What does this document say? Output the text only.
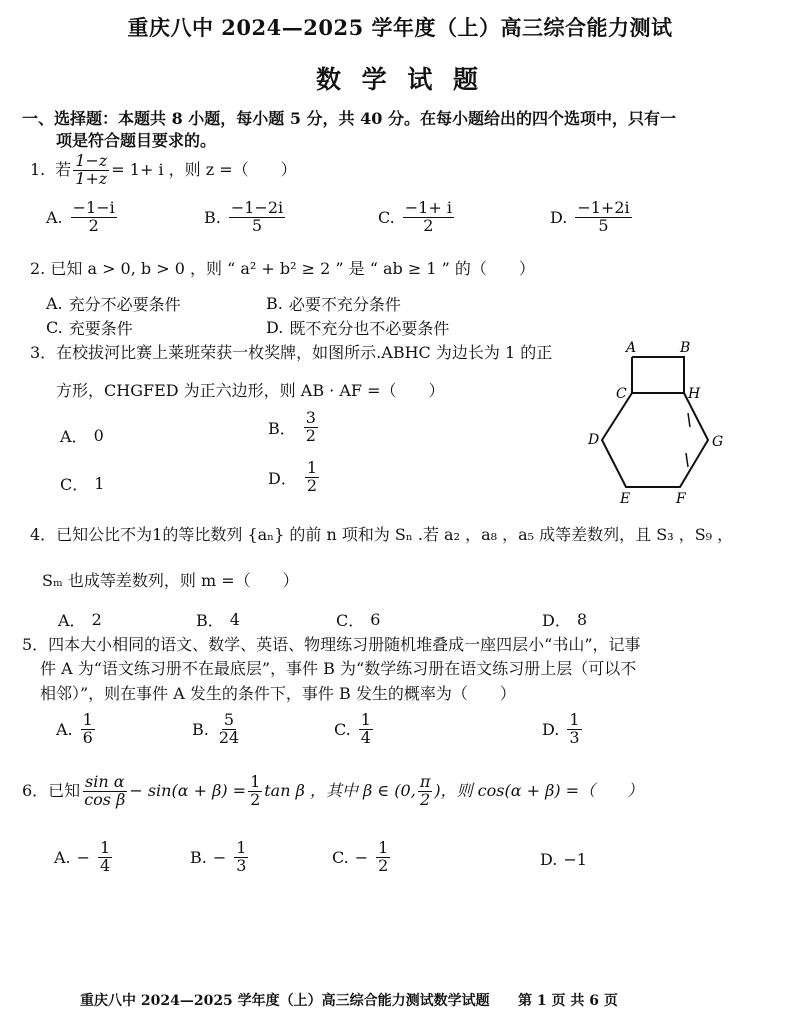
重庆八中 2024—2025 学年度（上）高三综合能力测试
数 学 试 题
一、选择题：本题共 8 小题，每小题 5 分，共 40 分。在每小题给出的四个选项中，只有一
项是符合题目要求的。
1. 若 $\frac{1-z}{1+z} = 1+ i$ ，则 z =（　　）
A. $\frac{-1-i}{2}$	B. $\frac{-1-2i}{5}$	C. $\frac{-1+ i}{2}$	D. $\frac{-1+2i}{5}$
2. 已知 a > 0, b > 0 ，则 “ a² + b² ≥ 2 ” 是 “ ab ≥ 1 ” 的（　　）
A. 充分不必要条件	B. 必要不充分条件
C. 充要条件	D. 既不充分也不必要条件
3．在校拔河比赛上莱班荣获一枚奖牌，如图所示.ABHC 为边长为 1 的正
方形，CHGFED 为正六边形，则 AB · AF =（　　）
A． 0	B． $\frac{3}{2}$
C． 1	D． $\frac{1}{2}$
A	B
C	H
D	G
E	F
4．已知公比不为1的等比数列 {aₙ} 的前 n 项和为 Sₙ .若 a₂ ，a₈ ，a₅ 成等差数列，且 S₃ ，S₉ ，
Sₘ 也成等差数列，则 m =（　　）
A． 2	B． 4	C． 6	D． 8
5．四本大小相同的语文、数学、英语、物理练习册随机堆叠成一座四层小“书山”，记事
件 A 为“语文练习册不在最底层”，事件 B 为“数学练习册在语文练习册上层（可以不
相邻）”，则在事件 A 发生的条件下，事件 B 发生的概率为（　　）
A. $\frac{1}{6}$	B. $\frac{5}{24}$	C. $\frac{1}{4}$	D. $\frac{1}{3}$
6．已知 $\frac{\text{sin α}}{\text{cos β}} - \sin(\alpha + \beta) = \frac{1}{2}$ tan β ，其中 β ∈ (0, $\frac{\pi}{2}$ )，则 cos(α + β) =（　　）
A. − $\frac{1}{4}$	B. − $\frac{1}{3}$	C. − $\frac{1}{2}$	D. −1
重庆八中 2024—2025 学年度（上）高三综合能力测试数学试题 第 1 页 共 6 页
